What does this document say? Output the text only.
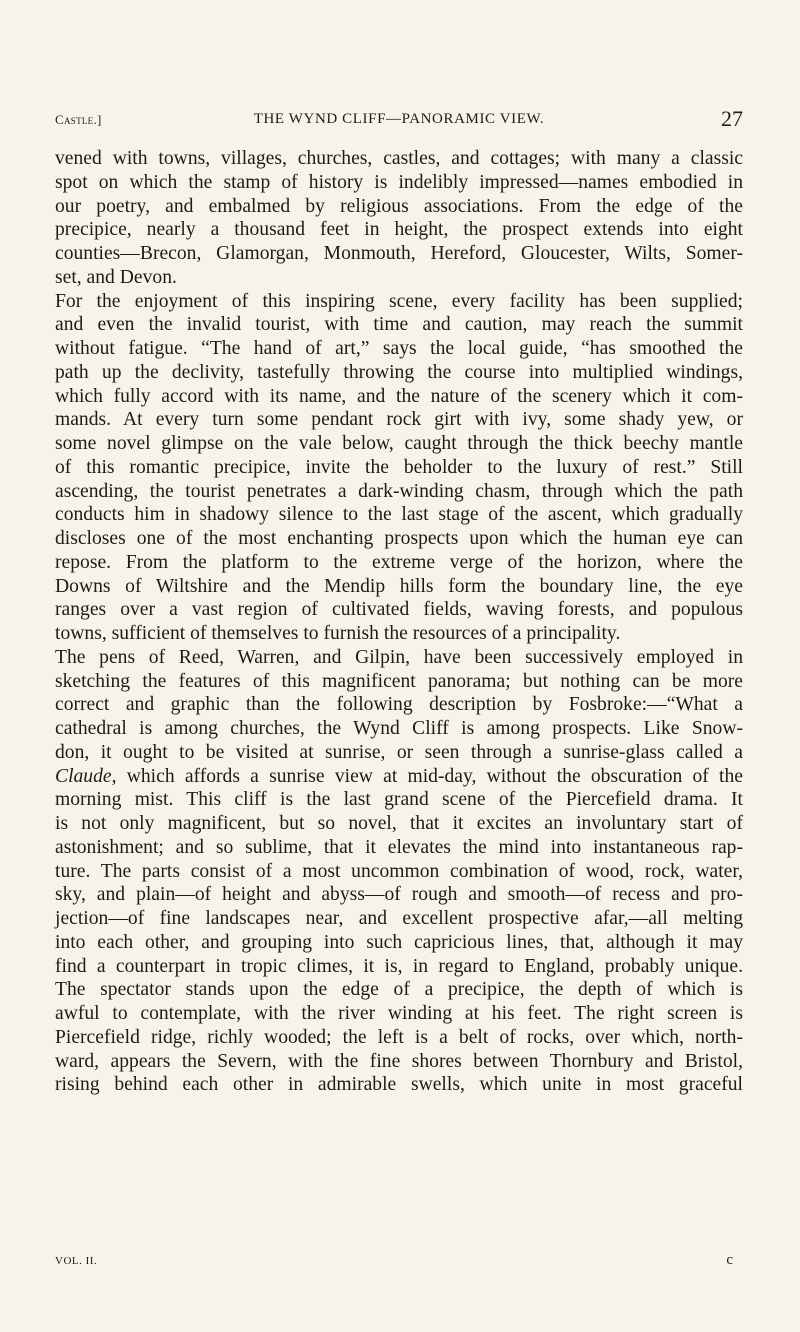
Castle.]	THE WYND CLIFF—PANORAMIC VIEW.	27
vened with towns, villages, churches, castles, and cottages; with many a classic
spot on which the stamp of history is indelibly impressed—names embodied in
our poetry, and embalmed by religious associations. From the edge of the
precipice, nearly a thousand feet in height, the prospect extends into eight
counties—Brecon, Glamorgan, Monmouth, Hereford, Gloucester, Wilts, Somer-
set, and Devon.
For the enjoyment of this inspiring scene, every facility has been supplied;
and even the invalid tourist, with time and caution, may reach the summit
without fatigue. “The hand of art,” says the local guide, “has smoothed the
path up the declivity, tastefully throwing the course into multiplied windings,
which fully accord with its name, and the nature of the scenery which it com-
mands. At every turn some pendant rock girt with ivy, some shady yew, or
some novel glimpse on the vale below, caught through the thick beechy mantle
of this romantic precipice, invite the beholder to the luxury of rest.” Still
ascending, the tourist penetrates a dark-winding chasm, through which the path
conducts him in shadowy silence to the last stage of the ascent, which gradually
discloses one of the most enchanting prospects upon which the human eye can
repose. From the platform to the extreme verge of the horizon, where the
Downs of Wiltshire and the Mendip hills form the boundary line, the eye
ranges over a vast region of cultivated fields, waving forests, and populous
towns, sufficient of themselves to furnish the resources of a principality.
The pens of Reed, Warren, and Gilpin, have been successively employed in
sketching the features of this magnificent panorama; but nothing can be more
correct and graphic than the following description by Fosbroke:—“What a
cathedral is among churches, the Wynd Cliff is among prospects. Like Snow-
don, it ought to be visited at sunrise, or seen through a sunrise-glass called a
Claude, which affords a sunrise view at mid-day, without the obscuration of the
morning mist. This cliff is the last grand scene of the Piercefield drama. It
is not only magnificent, but so novel, that it excites an involuntary start of
astonishment; and so sublime, that it elevates the mind into instantaneous rap-
ture. The parts consist of a most uncommon combination of wood, rock, water,
sky, and plain—of height and abyss—of rough and smooth—of recess and pro-
jection—of fine landscapes near, and excellent prospective afar,—all melting
into each other, and grouping into such capricious lines, that, although it may
find a counterpart in tropic climes, it is, in regard to England, probably unique.
The spectator stands upon the edge of a precipice, the depth of which is
awful to contemplate, with the river winding at his feet. The right screen is
Piercefield ridge, richly wooded; the left is a belt of rocks, over which, north-
ward, appears the Severn, with the fine shores between Thornbury and Bristol,
rising behind each other in admirable swells, which unite in most graceful
VOL. II.	c
